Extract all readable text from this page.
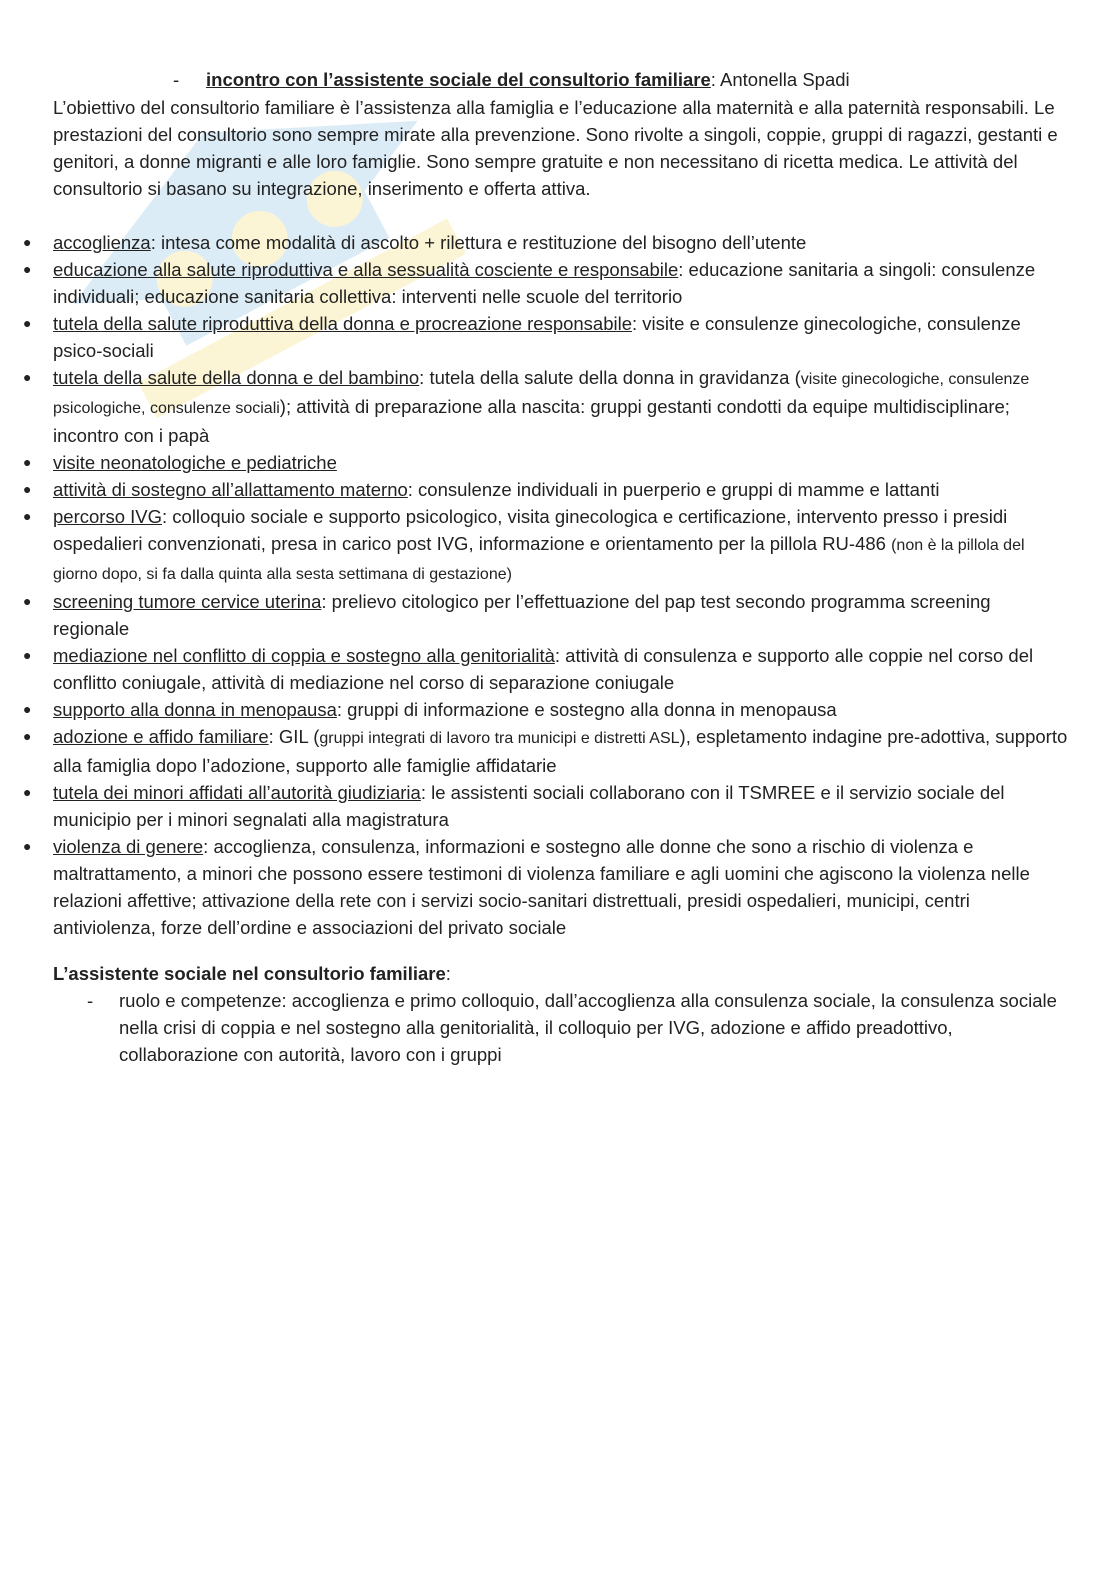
- incontro con l’assistente sociale del consultorio familiare: Antonella Spadi

L’obiettivo del consultorio familiare è l’assistenza alla famiglia e l’educazione alla maternità e alla paternità responsabili. Le prestazioni del consultorio sono sempre mirate alla prevenzione. Sono rivolte a singoli, coppie, gruppi di ragazzi, gestanti e genitori, a donne migranti e alle loro famiglie. Sono sempre gratuite e non necessitano di ricetta medica. Le attività del consultorio si basano su integrazione, inserimento e offerta attiva.

● accoglienza: intesa come modalità di ascolto + rilettura e restituzione del bisogno dell’utente
● educazione alla salute riproduttiva e alla sessualità cosciente e responsabile: educazione sanitaria a singoli: consulenze individuali; educazione sanitaria collettiva: interventi nelle scuole del territorio
● tutela della salute riproduttiva della donna e procreazione responsabile: visite e consulenze ginecologiche, consulenze psico-sociali
● tutela della salute della donna e del bambino: tutela della salute della donna in gravidanza (visite ginecologiche, consulenze psicologiche, consulenze sociali); attività di preparazione alla nascita: gruppi gestanti condotti da equipe multidisciplinare; incontro con i papà
● visite neonatologiche e pediatriche
● attività di sostegno all’allattamento materno: consulenze individuali in puerperio e gruppi di mamme e lattanti
● percorso IVG: colloquio sociale e supporto psicologico, visita ginecologica e certificazione, intervento presso i presidi ospedalieri convenzionati, presa in carico post IVG, informazione e orientamento per la pillola RU-486 (non è la pillola del giorno dopo, si fa dalla quinta alla sesta settimana di gestazione)
● screening tumore cervice uterina: prelievo citologico per l’effettuazione del pap test secondo programma screening regionale
● mediazione nel conflitto di coppia e sostegno alla genitorialità: attività di consulenza e supporto alle coppie nel corso del conflitto coniugale, attività di mediazione nel corso di separazione coniugale
● supporto alla donna in menopausa: gruppi di informazione e sostegno alla donna in menopausa
● adozione e affido familiare: GIL (gruppi integrati di lavoro tra municipi e distretti ASL), espletamento indagine pre-adottiva, supporto alla famiglia dopo l’adozione, supporto alle famiglie affidatarie
● tutela dei minori affidati all’autorità giudiziaria: le assistenti sociali collaborano con il TSMREE e il servizio sociale del municipio per i minori segnalati alla magistratura
● violenza di genere: accoglienza, consulenza, informazioni e sostegno alle donne che sono a rischio di violenza e maltrattamento, a minori che possono essere testimoni di violenza familiare e agli uomini che agiscono la violenza nelle relazioni affettive; attivazione della rete con i servizi socio-sanitari distrettuali, presidi ospedalieri, municipi, centri antiviolenza, forze dell’ordine e associazioni del privato sociale
L’assistente sociale nel consultorio familiare:
- ruolo e competenze: accoglienza e primo colloquio, dall’accoglienza alla consulenza sociale, la consulenza sociale nella crisi di coppia e nel sostegno alla genitorialità, il colloquio per IVG, adozione e affido preadottivo, collaborazione con autorità, lavoro con i gruppi
